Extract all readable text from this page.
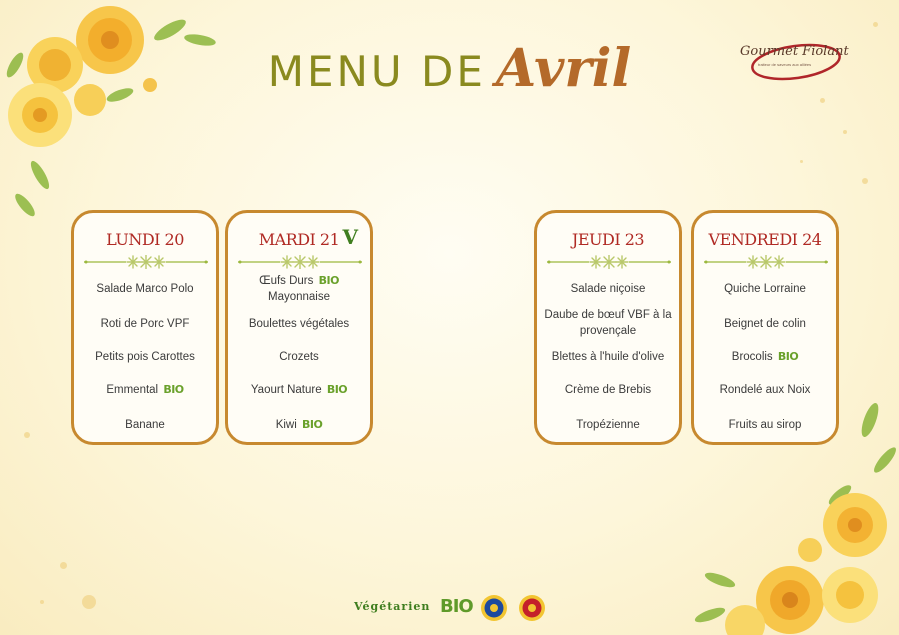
MENU DE Avril	Gourmet Fiolant
traiteur de saveurs aux alliées
LUNDI 20
Salade Marco Polo
Roti de Porc VPF
Petits pois Carottes
Emmental BIO
Banane
MARDI 21 V
Œufs Durs BIO
Mayonnaise
Boulettes végétales
Crozets
Yaourt Nature BIO
Kiwi BIO
JEUDI 23
Salade niçoise
Daube de bœuf VBF à la provençale
Blettes à l'huile d'olive
Crème de Brebis
Tropézienne
VENDREDI 24
Quiche Lorraine
Beignet de colin
Brocolis BIO
Rondelé aux Noix
Fruits au sirop
Végétarien BIO
